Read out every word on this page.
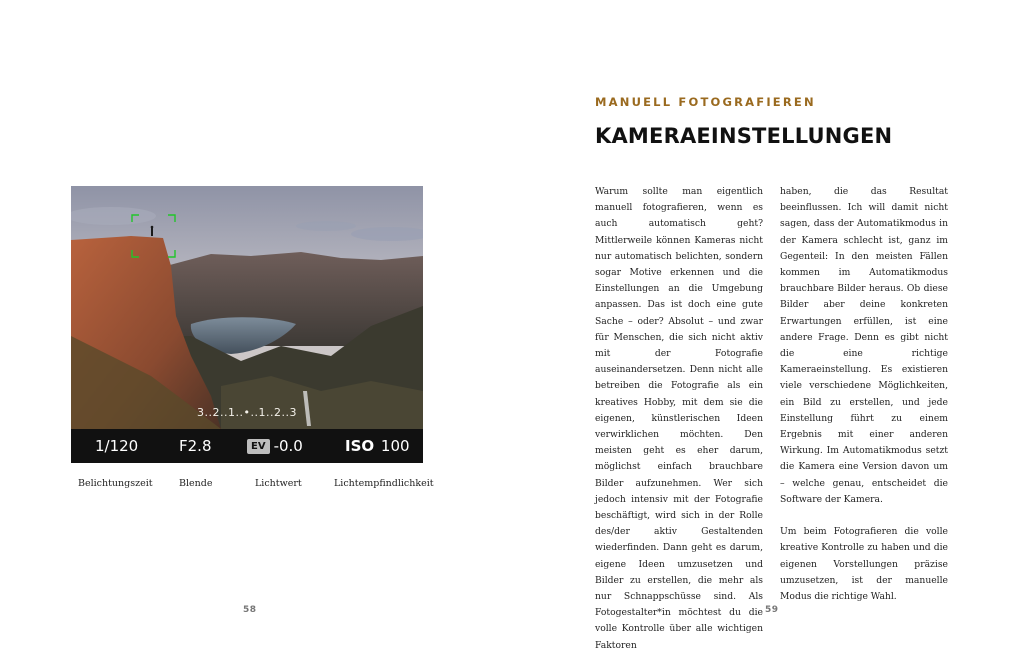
3..2..1..•..1..2..3
1/120	F2.8	EV -0.0	ISO 100
Belichtungszeit	Blende	Lichtwert	Lichtempfindlichkeit
58
MANUELL FOTOGRAFIEREN
KAMERAEINSTELLUNGEN

Warum sollte man eigentlich manuell fotografieren, wenn es auch automatisch geht? Mittlerweile können Kameras nicht nur automatisch belichten, sondern sogar Motive erkennen und die Einstellungen an die Umgebung anpassen. Das ist doch eine gute Sache – oder? Absolut – und zwar für Menschen, die sich nicht aktiv mit der Fotografie auseinandersetzen. Denn nicht alle betreiben die Fotografie als ein kreatives Hobby, mit dem sie die eigenen, künstlerischen Ideen verwirklichen möchten. Den meisten geht es eher darum, möglichst einfach brauchbare Bilder aufzunehmen. Wer sich jedoch intensiv mit der Fotografie beschäftigt, wird sich in der Rolle des/der aktiv Gestaltenden wiederfinden. Dann geht es darum, eigene Ideen umzusetzen und Bilder zu erstellen, die mehr als nur Schnappschüsse sind. Als Fotogestalter*in möchtest du die volle Kontrolle über alle wichtigen Faktoren

haben, die das Resultat beeinflussen. Ich will damit nicht sagen, dass der Automatikmodus in der Kamera schlecht ist, ganz im Gegenteil: In den meisten Fällen kommen im Automatikmodus brauchbare Bilder heraus. Ob diese Bilder aber deine konkreten Erwartungen erfüllen, ist eine andere Frage. Denn es gibt nicht die eine richtige Kameraeinstellung. Es existieren viele verschiedene Möglichkeiten, ein Bild zu erstellen, und jede Einstellung führt zu einem Ergebnis mit einer anderen Wirkung. Im Automatikmodus setzt die Kamera eine Version davon um – welche genau, entscheidet die Software der Kamera.

Um beim Fotografieren die volle kreative Kontrolle zu haben und die eigenen Vorstellungen präzise umzusetzen, ist der manuelle Modus die richtige Wahl.

59
